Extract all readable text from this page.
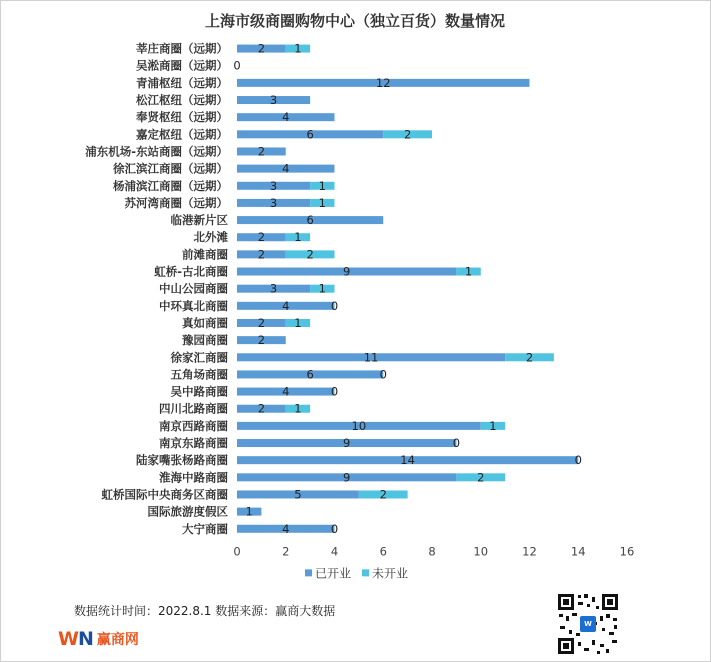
上海市级商圈购物中心（独立百货）数量情况
2	1
0
12
3
4
6	2
2
4
3	1
3	1
6
2	1
2	2
9	1
3	1
4	0
2	1
2
11	2
6	0
4	0
2	1
10	1
9	0
14	0
9	2
5	2
1
4	0
莘庄商圈（远期）
吴淞商圈（远期）
青浦枢纽（远期）
松江枢纽（远期）
奉贤枢纽（远期）
嘉定枢纽（远期）
浦东机场-东站商圈（远期）
徐汇滨江商圈（远期）
杨浦滨江商圈（远期）
苏河湾商圈（远期）
临港新片区
北外滩
前滩商圈
虹桥-古北商圈
中山公园商圈
中环真北商圈
真如商圈
豫园商圈
徐家汇商圈
五角场商圈
吴中路商圈
四川北路商圈
南京西路商圈
南京东路商圈
陆家嘴张杨路商圈
淮海中路商圈
虹桥国际中央商务区商圈
国际旅游度假区
大宁商圈
0	2	4	6	8	10	12	14	16
已开业 未开业
数据统计时间：2022.8.1 数据来源：赢商大数据
WN 赢商网
W
